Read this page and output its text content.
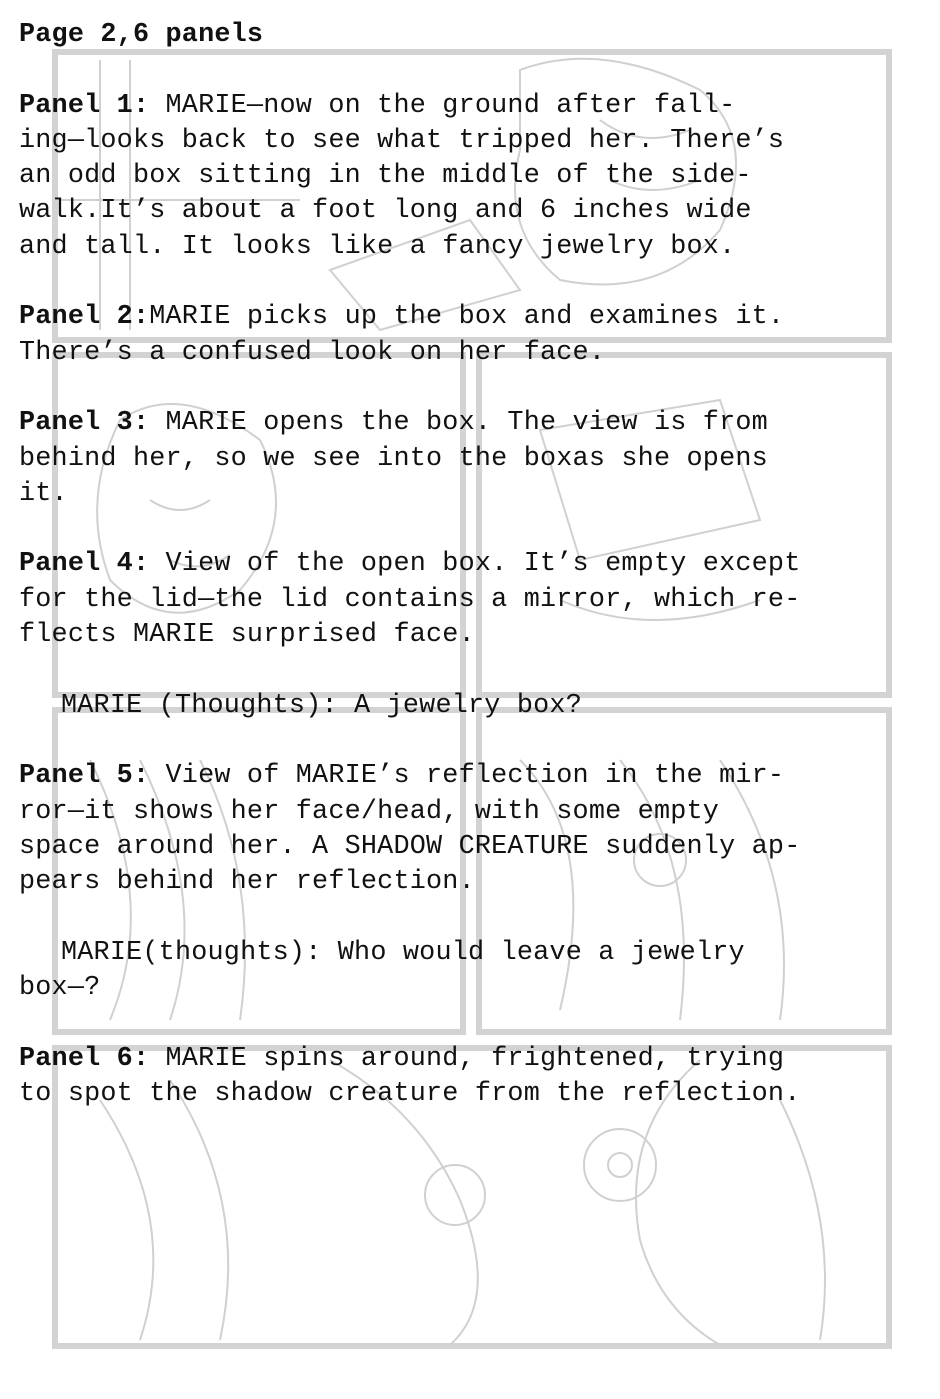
Page 2,6 panels
Panel 1: MARIE—now on the ground after fall-
ing—looks back to see what tripped her. There’s
an odd box sitting in the middle of the side-
walk.It’s about a foot long and 6 inches wide
and tall. It looks like a fancy jewelry box.
Panel 2:MARIE picks up the box and examines it.
There’s a confused look on her face.
Panel 3: MARIE opens the box. The view is from
behind her, so we see into the boxas she opens
it.
Panel 4: View of the open box. It’s empty except
for the lid—the lid contains a mirror, which re-
flects MARIE surprised face.
MARIE (Thoughts): A jewelry box?
Panel 5: View of MARIE’s reflection in the mir-
ror—it shows her face/head, with some empty
space around her. A SHADOW CREATURE suddenly ap-
pears behind her reflection.
MARIE(thoughts): Who would leave a jewelry
box—?
Panel 6: MARIE spins around, frightened, trying
to spot the shadow creature from the reflection.
